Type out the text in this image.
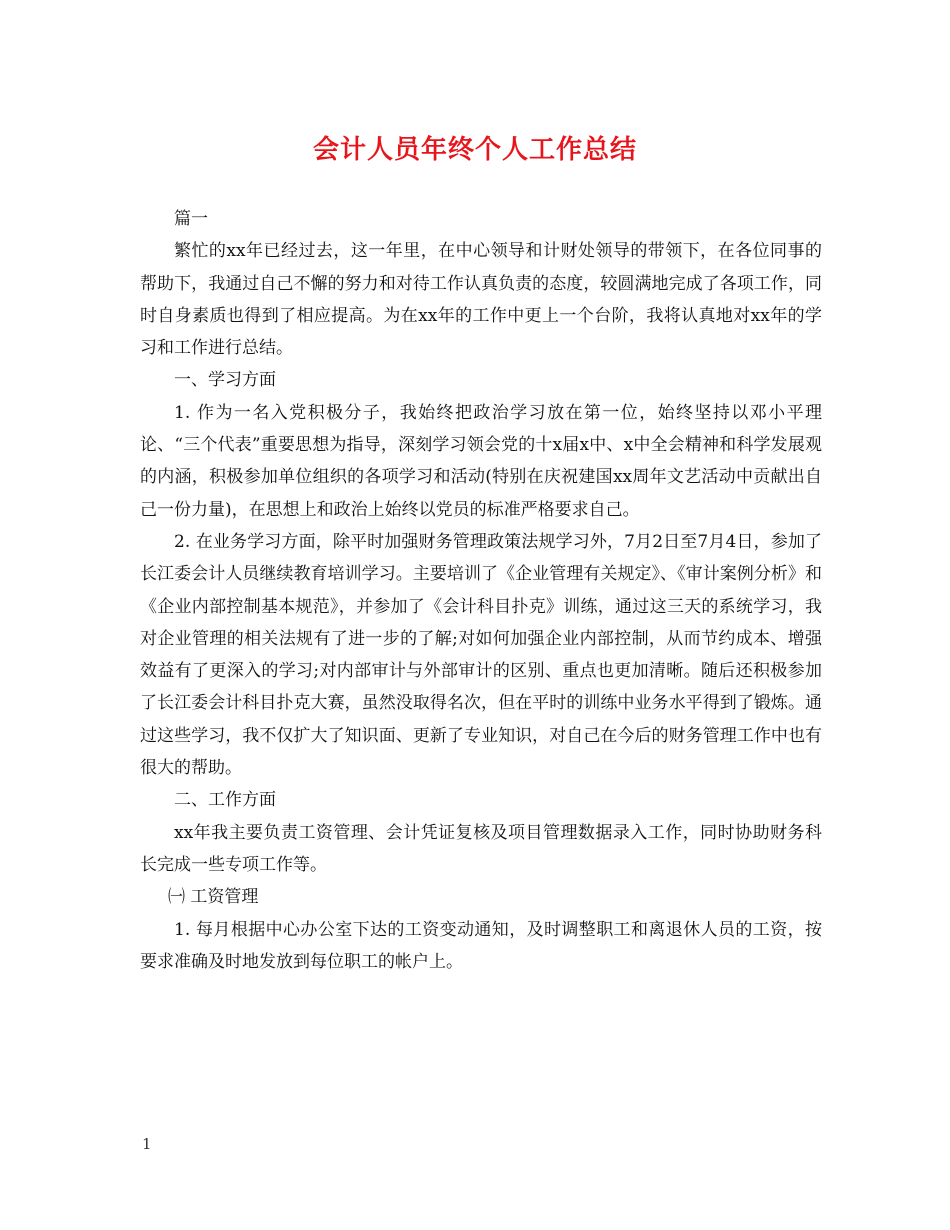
会计人员年终个人工作总结

篇一

繁忙的xx年已经过去，这一年里，在中心领导和计财处领导的带领下，在各位同事的帮助下，我通过自己不懈的努力和对待工作认真负责的态度，较圆满地完成了各项工作，同时自身素质也得到了相应提高。为在xx年的工作中更上一个台阶，我将认真地对xx年的学习和工作进行总结。

一、学习方面

1. 作为一名入党积极分子，我始终把政治学习放在第一位，始终坚持以邓小平理论、“三个代表”重要思想为指导，深刻学习领会党的十x届x中、x中全会精神和科学发展观的内涵，积极参加单位组织的各项学习和活动(特别在庆祝建国xx周年文艺活动中贡献出自己一份力量)，在思想上和政治上始终以党员的标准严格要求自己。

2. 在业务学习方面，除平时加强财务管理政策法规学习外，7月2日至7月4日，参加了长江委会计人员继续教育培训学习。主要培训了《企业管理有关规定》、《审计案例分析》和《企业内部控制基本规范》，并参加了《会计科目扑克》训练，通过这三天的系统学习，我对企业管理的相关法规有了进一步的了解;对如何加强企业内部控制，从而节约成本、增强效益有了更深入的学习;对内部审计与外部审计的区别、重点也更加清晰。随后还积极参加了长江委会计科目扑克大赛，虽然没取得名次，但在平时的训练中业务水平得到了锻炼。通过这些学习，我不仅扩大了知识面、更新了专业知识，对自己在今后的财务管理工作中也有很大的帮助。

二、工作方面

xx年我主要负责工资管理、会计凭证复核及项目管理数据录入工作，同时协助财务科长完成一些专项工作等。

㈠ 工资管理

1. 每月根据中心办公室下达的工资变动通知，及时调整职工和离退休人员的工资，按要求准确及时地发放到每位职工的帐户上。

1
